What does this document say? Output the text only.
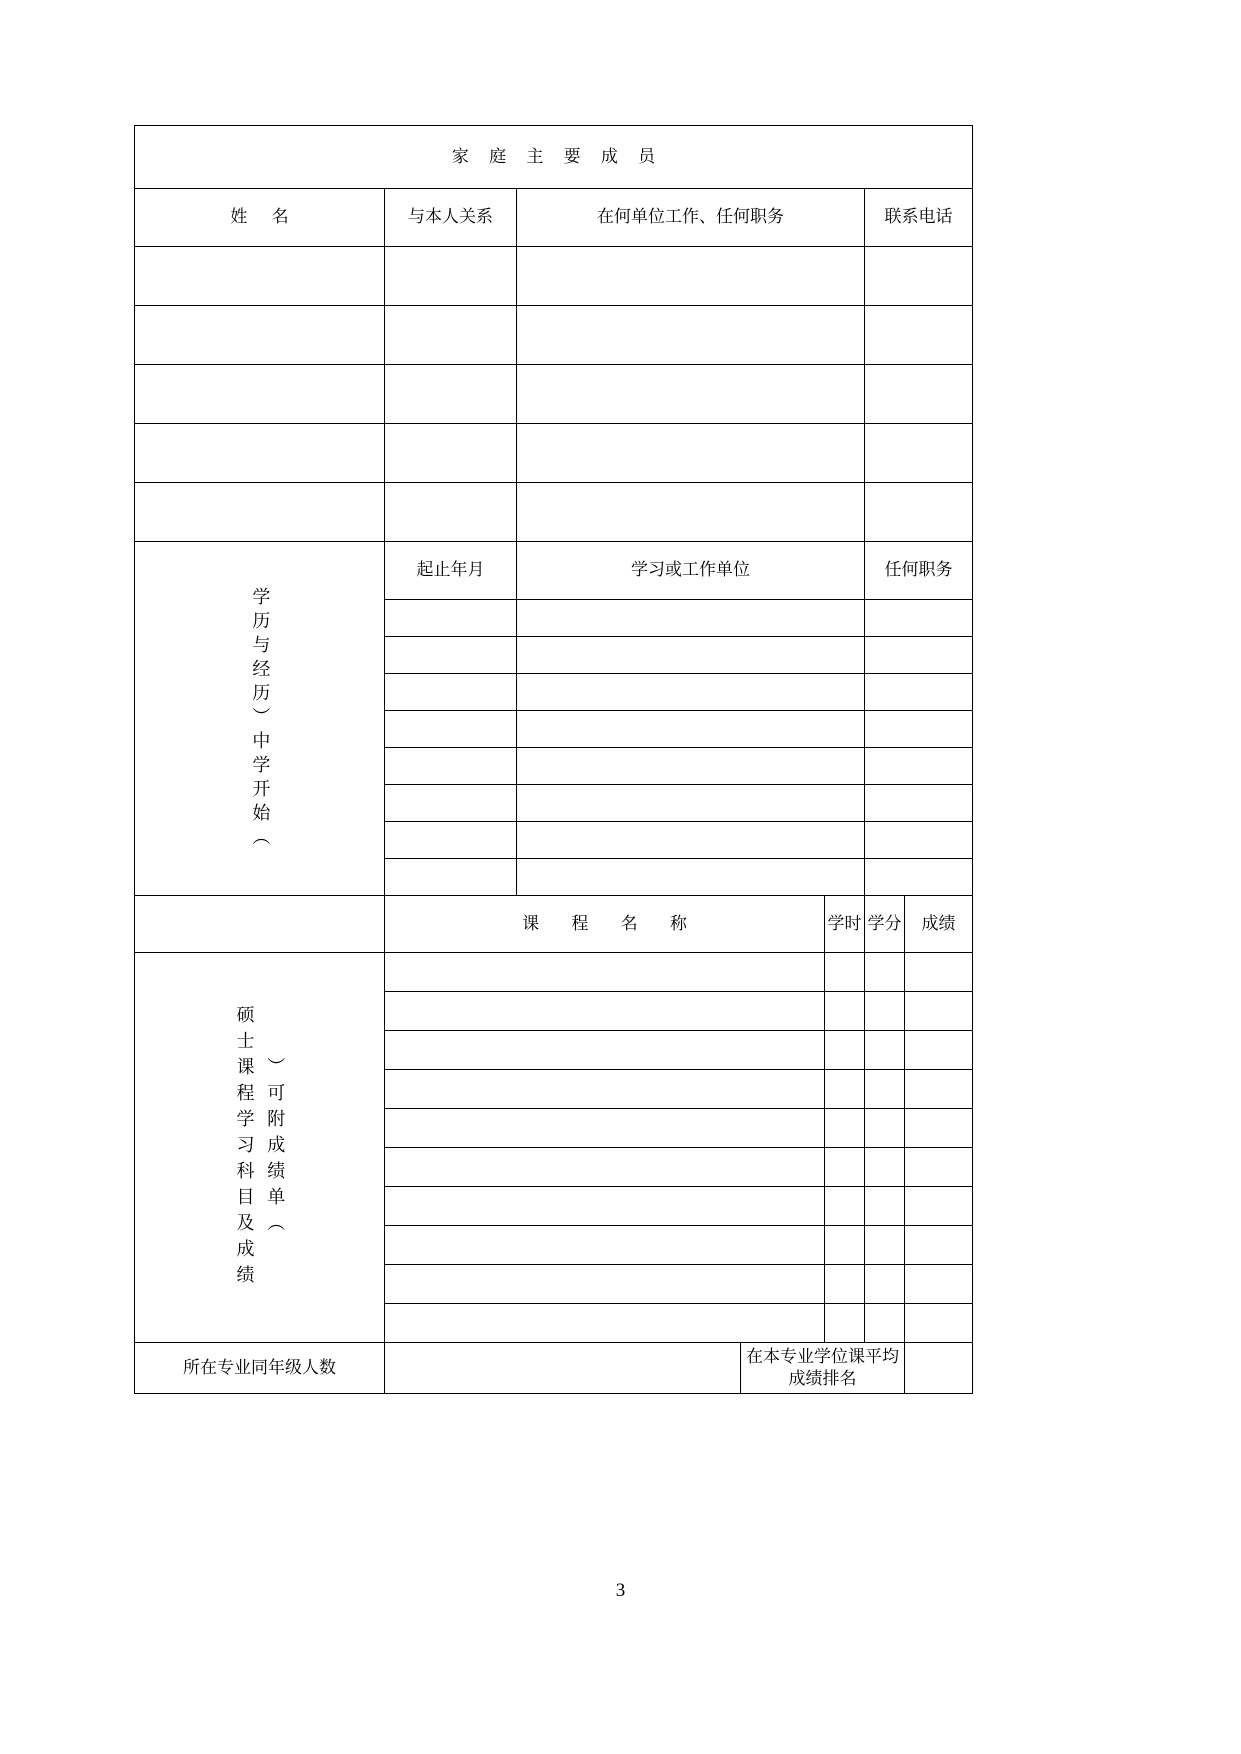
家 庭 主 要 成 员						
姓 名	与本人关系	在何单位工作、任何职务			联系电话	

学历与经历）中学开始（	起止年月	学习或工作单位			任何职务	

	课 程 名 称			学时	学分	成绩

硕士课程学习科目及成绩 ）可附成绩单（						

所在专业同年级人数			在本专业学位课平均成绩排名			
3
